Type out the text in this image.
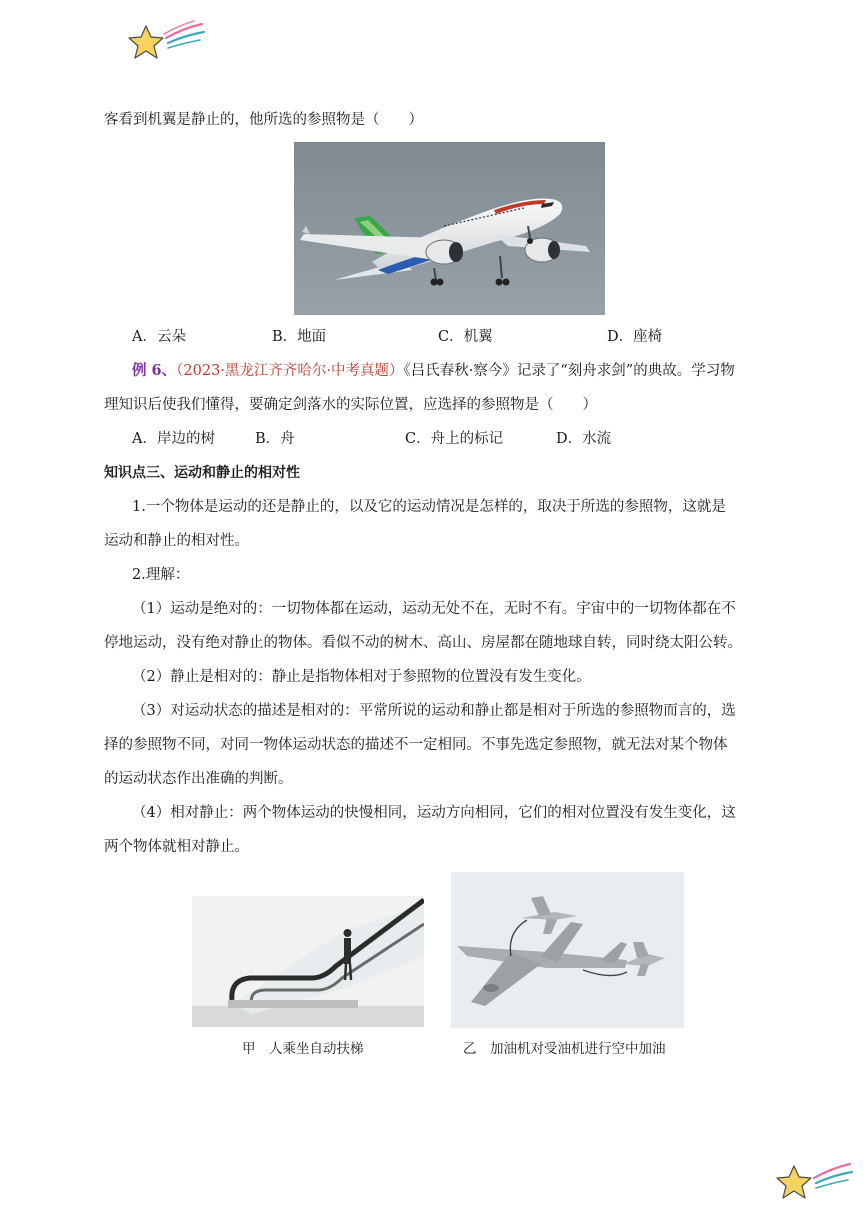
客看到机翼是静止的，他所选的参照物是（　　）
A．云朵	B．地面	C．机翼	D．座椅
例 6、（2023·黑龙江齐齐哈尔·中考真题）《吕氏春秋·察今》记录了“刻舟求剑”的典故。学习物
理知识后使我们懂得，要确定剑落水的实际位置，应选择的参照物是（　　）
A．岸边的树	B．舟	C．舟上的标记	D．水流
知识点三、运动和静止的相对性
1.一个物体是运动的还是静止的，以及它的运动情况是怎样的，取决于所选的参照物，这就是
运动和静止的相对性。
2.理解：
（1）运动是绝对的：一切物体都在运动，运动无处不在，无时不有。宇宙中的一切物体都在不
停地运动，没有绝对静止的物体。看似不动的树木、高山、房屋都在随地球自转，同时绕太阳公转。
（2）静止是相对的：静止是指物体相对于参照物的位置没有发生变化。
（3）对运动状态的描述是相对的：平常所说的运动和静止都是相对于所选的参照物而言的，选
择的参照物不同，对同一物体运动状态的描述不一定相同。不事先选定参照物，就无法对某个物体
的运动状态作出准确的判断。
（4）相对静止：两个物体运动的快慢相同，运动方向相同，它们的相对位置没有发生变化，这
两个物体就相对静止。
甲　人乘坐自动扶梯	乙　加油机对受油机进行空中加油
